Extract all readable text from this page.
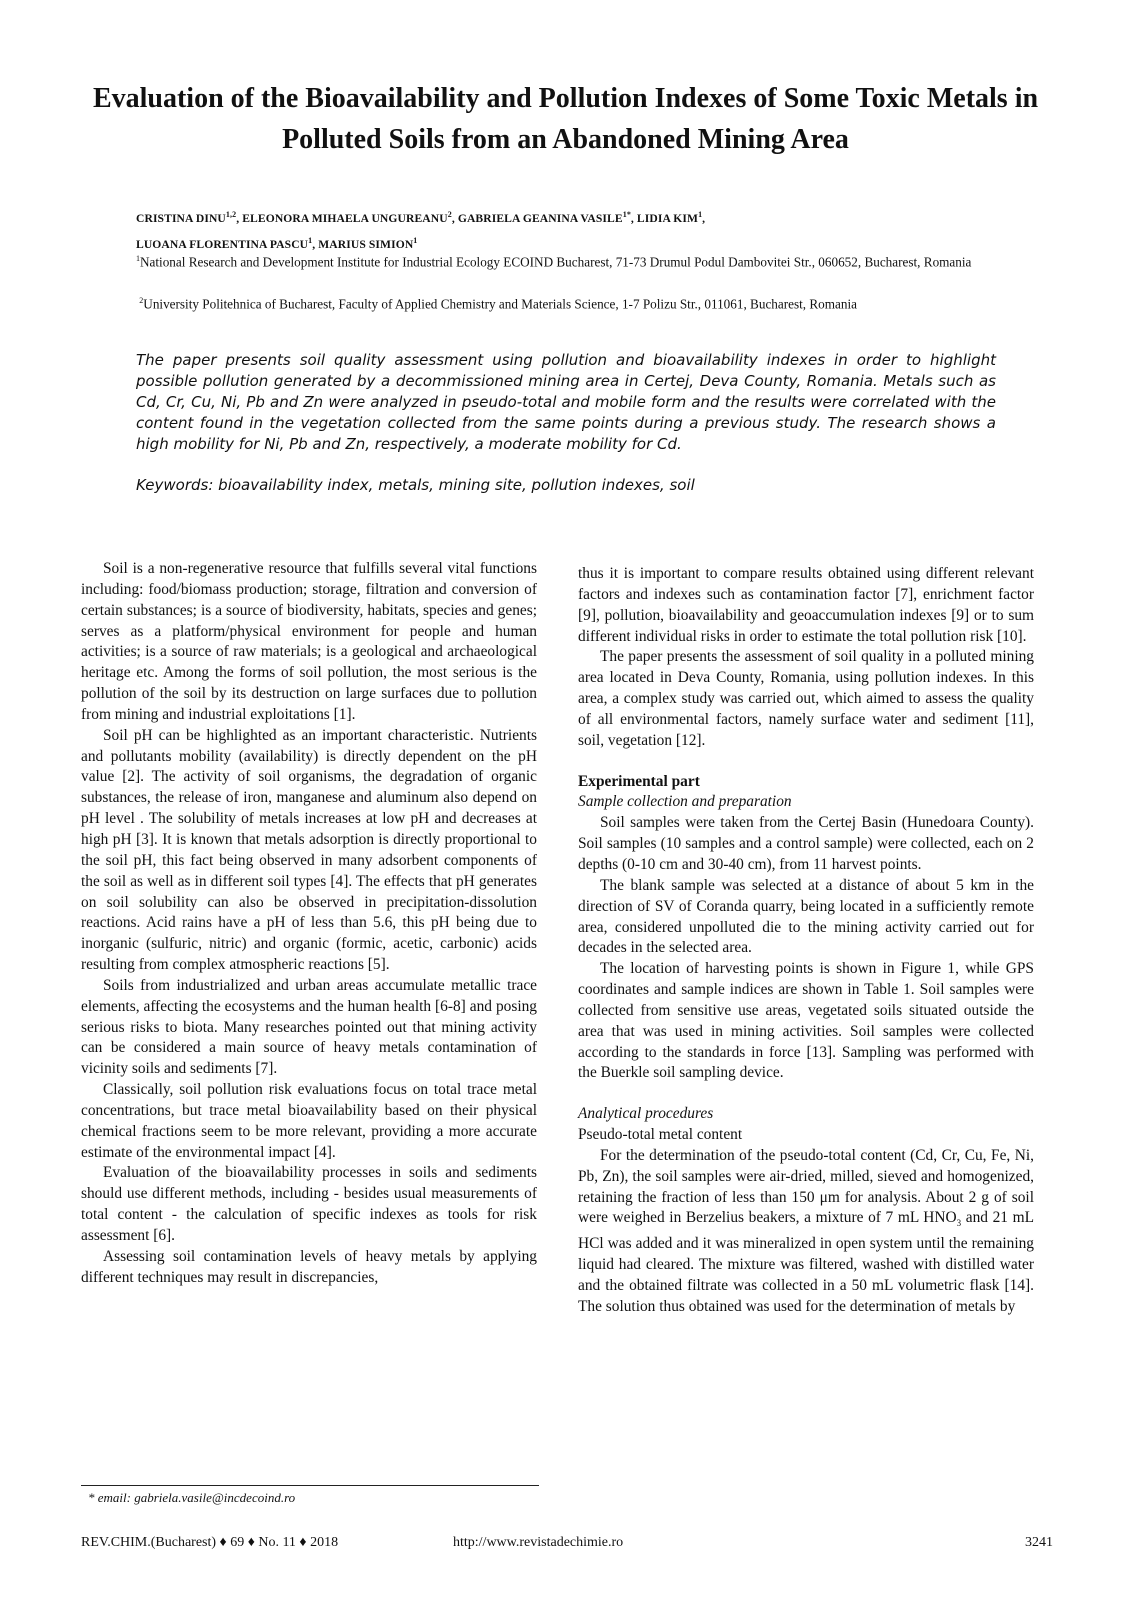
Evaluation of the Bioavailability and Pollution Indexes of Some Toxic Metals in Polluted Soils from an Abandoned Mining Area
CRISTINA DINU$^{1,2}$, ELEONORA MIHAELA UNGUREANU$^2$, GABRIELA GEANINA $VASILE^{1*}$, LIDIA KIM$^1$,
LUOANA FLORENTINA PASCU$^1$, MARIUS SIMION$^1$
$^1$National Research and Development Institute for Industrial Ecology ECOIND Bucharest, 71-73 Drumul Podul Dambovitei Str., 060652, Bucharest, Romania
$^2$University Politehnica of Bucharest, Faculty of Applied Chemistry and Materials Science, 1-7 Polizu Str., 011061, Bucharest, Romania

The paper presents soil quality assessment using pollution and bioavailability indexes in order to highlight possible pollution generated by a decommissioned mining area in Certej, Deva County, Romania. Metals such as Cd, Cr, Cu, Ni, Pb and Zn were analyzed in pseudo-total and mobile form and the results were correlated with the content found in the vegetation collected from the same points during a previous study. The research shows a high mobility for Ni, Pb and Zn, respectively, a moderate mobility for Cd.

Keywords: bioavailability index, metals, mining site, pollution indexes, soil

Soil is a non-regenerative resource that fulfills several vital functions including: food/biomass production; storage, filtration and conversion of certain substances; is a source of biodiversity, habitats, species and genes; serves as a platform/physical environment for people and human activities; is a source of raw materials; is a geological and archaeological heritage etc. Among the forms of soil pollution, the most serious is the pollution of the soil by its destruction on large surfaces due to pollution from mining and industrial exploitations [1].

Soil pH can be highlighted as an important characteristic. Nutrients and pollutants mobility (availability) is directly dependent on the pH value [2]. The activity of soil organisms, the degradation of organic substances, the release of iron, manganese and aluminum also depend on pH level . The solubility of metals increases at low pH and decreases at high pH [3]. It is known that metals adsorption is directly proportional to the soil pH, this fact being observed in many adsorbent components of the soil as well as in different soil types [4]. The effects that pH generates on soil solubility can also be observed in precipitation-dissolution reactions. Acid rains have a pH of less than 5.6, this pH being due to inorganic (sulfuric, nitric) and organic (formic, acetic, carbonic) acids resulting from complex atmospheric reactions [5].

Soils from industrialized and urban areas accumulate metallic trace elements, affecting the ecosystems and the human health [6-8] and posing serious risks to biota. Many researches pointed out that mining activity can be considered a main source of heavy metals contamination of vicinity soils and sediments [7].

Classically, soil pollution risk evaluations focus on total trace metal concentrations, but trace metal bioavailability based on their physical chemical fractions seem to be more relevant, providing a more accurate estimate of the environmental impact [4].

Evaluation of the bioavailability processes in soils and sediments should use different methods, including - besides usual measurements of total content - the calculation of specific indexes as tools for risk assessment [6].

Assessing soil contamination levels of heavy metals by applying different techniques may result in discrepancies,

thus it is important to compare results obtained using different relevant factors and indexes such as contamination factor [7], enrichment factor [9], pollution, bioavailability and geoaccumulation indexes [9] or to sum different individual risks in order to estimate the total pollution risk [10].

The paper presents the assessment of soil quality in a polluted mining area located in Deva County, Romania, using pollution indexes. In this area, a complex study was carried out, which aimed to assess the quality of all environmental factors, namely surface water and sediment [11], soil, vegetation [12].

Experimental part

Sample collection and preparation

Soil samples were taken from the Certej Basin (Hunedoara County). Soil samples (10 samples and a control sample) were collected, each on 2 depths (0-10 cm and 30-40 cm), from 11 harvest points.

The blank sample was selected at a distance of about 5 km in the direction of SV of Coranda quarry, being located in a sufficiently remote area, considered unpolluted die to the mining activity carried out for decades in the selected area.

The location of harvesting points is shown in Figure 1, while GPS coordinates and sample indices are shown in Table 1. Soil samples were collected from sensitive use areas, vegetated soils situated outside the area that was used in mining activities. Soil samples were collected according to the standards in force [13]. Sampling was performed with the Buerkle soil sampling device.

Analytical procedures

Pseudo-total metal content

For the determination of the pseudo-total content (Cd, Cr, Cu, Fe, Ni, Pb, Zn), the soil samples were air-dried, milled, sieved and homogenized, retaining the fraction of less than 150 μm for analysis. About 2 g of soil were weighed in Berzelius beakers, a mixture of 7 mL $HNO_3$ and 21 mL HCl was added and it was mineralized in open system until the remaining liquid had cleared. The mixture was filtered, washed with distilled water and the obtained filtrate was collected in a 50 mL volumetric flask [14]. The solution thus obtained was used for the determination of metals by

* email: gabriela.vasile@incdecoind.ro
REV.CHIM.(Bucharest) ♦ 69 ♦ No. 11 ♦ 2018	http://www.revistadechimie.ro	3241
